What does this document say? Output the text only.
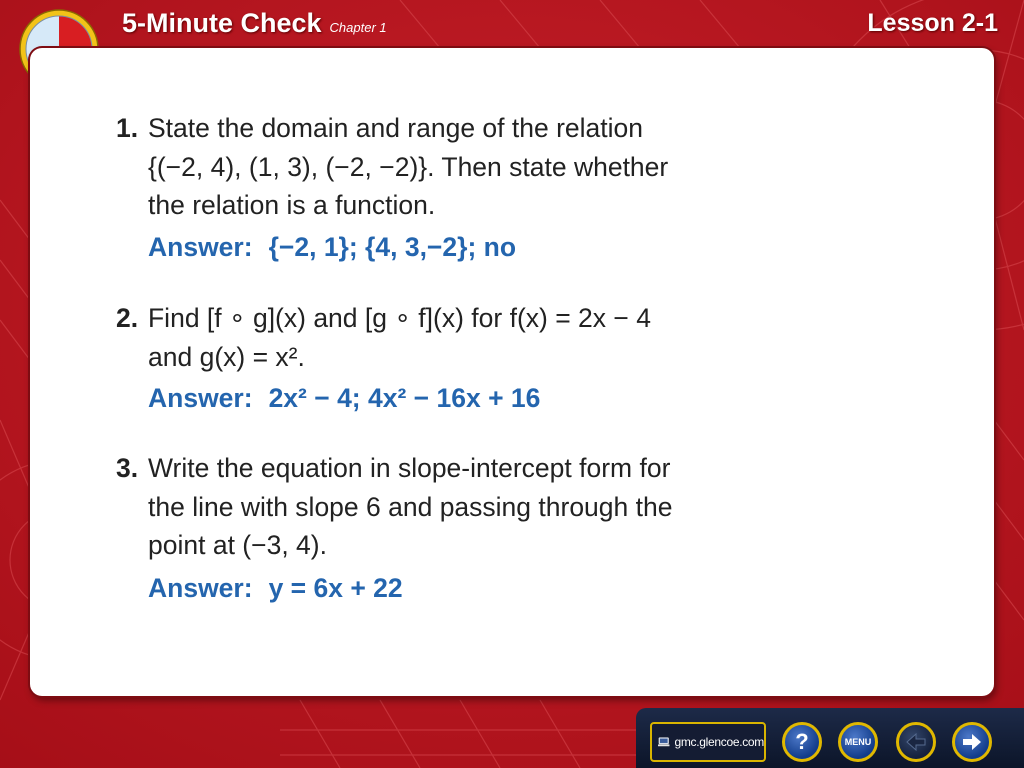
5-Minute Check Chapter 1	Lesson 2-1
1. State the domain and range of the relation
{(−2, 4), (1, 3), (−2, −2)}. Then state whether
the relation is a function.
Answer: {−2, 1}; {4, 3,−2}; no
2. Find [f ∘ g](x) and [g ∘ f](x) for f(x) = 2x − 4
and g(x) = x².
Answer: 2x² − 4; 4x² − 16x + 16
3. Write the equation in slope-intercept form for
the line with slope 6 and passing through the
point at (−3, 4).
Answer: y = 6x + 22
gmc.glencoe.com ?	MENU
